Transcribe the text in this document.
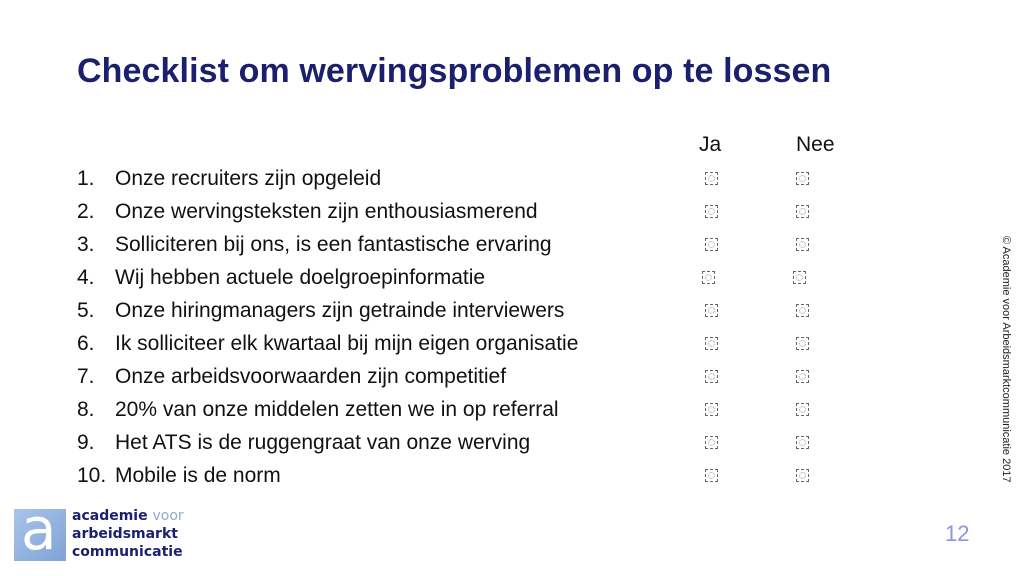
Checklist om wervingsproblemen op te lossen
Ja	Nee
1. Onze recruiters zijn opgeleid
2. Onze wervingsteksten zijn enthousiasmerend
3. Solliciteren bij ons, is een fantastische ervaring
4. Wij hebben actuele doelgroepinformatie
5. Onze hiringmanagers zijn getrainde interviewers
6. Ik solliciteer elk kwartaal bij mijn eigen organisatie
7. Onze arbeidsvoorwaarden zijn competitief
8. 20% van onze middelen zetten we in op referral
9. Het ATS is de ruggengraat van onze werving
10. Mobile is de norm
a academie voor
arbeidsmarkt
communicatie
12
© Academie voor Arbeidsmarktcommunicatie 2017
